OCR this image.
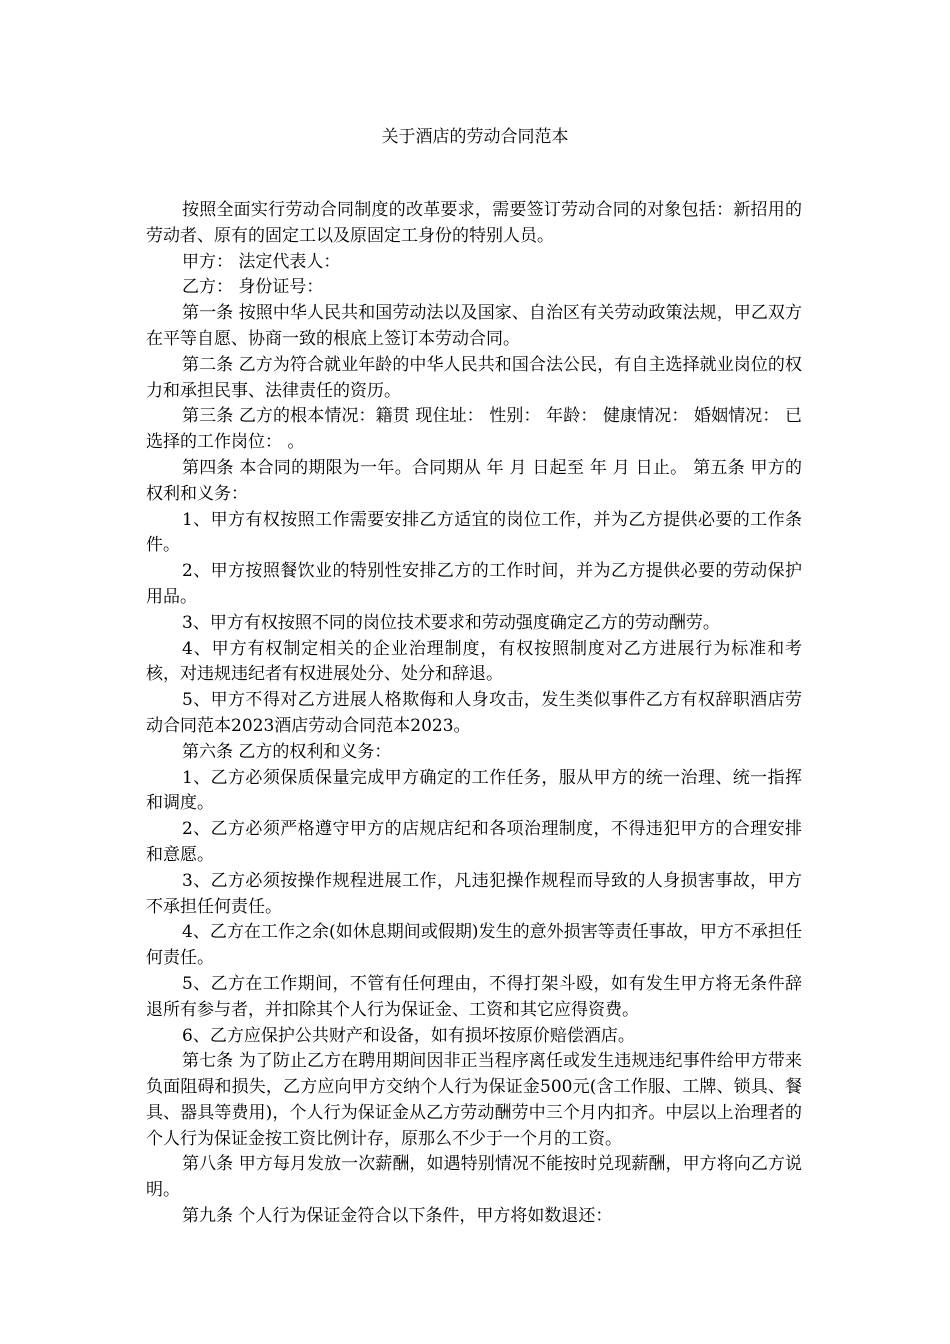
关于酒店的劳动合同范本

按照全面实行劳动合同制度的改革要求，需要签订劳动合同的对象包括：新招用的劳动者、原有的固定工以及原固定工身份的特别人员。

甲方： 法定代表人：

乙方： 身份证号：

第一条 按照中华人民共和国劳动法以及国家、自治区有关劳动政策法规，甲乙双方在平等自愿、协商一致的根底上签订本劳动合同。

第二条 乙方为符合就业年龄的中华人民共和国合法公民，有自主选择就业岗位的权力和承担民事、法律责任的资历。

第三条 乙方的根本情况：籍贯 现住址： 性别： 年龄： 健康情况： 婚姻情况： 已选择的工作岗位： 。

第四条 本合同的期限为一年。合同期从 年 月 日起至 年 月 日止。 第五条 甲方的权利和义务：

1、甲方有权按照工作需要安排乙方适宜的岗位工作，并为乙方提供必要的工作条件。

2、甲方按照餐饮业的特别性安排乙方的工作时间，并为乙方提供必要的劳动保护用品。

3、甲方有权按照不同的岗位技术要求和劳动强度确定乙方的劳动酬劳。

4、甲方有权制定相关的企业治理制度，有权按照制度对乙方进展行为标准和考核，对违规违纪者有权进展处分、处分和辞退。

5、甲方不得对乙方进展人格欺侮和人身攻击，发生类似事件乙方有权辞职酒店劳动合同范本2023酒店劳动合同范本2023。

第六条 乙方的权利和义务：

1、乙方必须保质保量完成甲方确定的工作任务，服从甲方的统一治理、统一指挥和调度。

2、乙方必须严格遵守甲方的店规店纪和各项治理制度，不得违犯甲方的合理安排和意愿。

3、乙方必须按操作规程进展工作，凡违犯操作规程而导致的人身损害事故，甲方不承担任何责任。

4、乙方在工作之余(如休息期间或假期)发生的意外损害等责任事故，甲方不承担任何责任。

5、乙方在工作期间，不管有任何理由，不得打架斗殴，如有发生甲方将无条件辞退所有参与者，并扣除其个人行为保证金、工资和其它应得资费。

6、乙方应保护公共财产和设备，如有损坏按原价赔偿酒店。

第七条 为了防止乙方在聘用期间因非正当程序离任或发生违规违纪事件给甲方带来负面阻碍和损失，乙方应向甲方交纳个人行为保证金500元(含工作服、工牌、锁具、餐具、器具等费用)，个人行为保证金从乙方劳动酬劳中三个月内扣齐。中层以上治理者的个人行为保证金按工资比例计存，原那么不少于一个月的工资。

第八条 甲方每月发放一次薪酬，如遇特别情况不能按时兑现薪酬，甲方将向乙方说明。

第九条 个人行为保证金符合以下条件，甲方将如数退还：
